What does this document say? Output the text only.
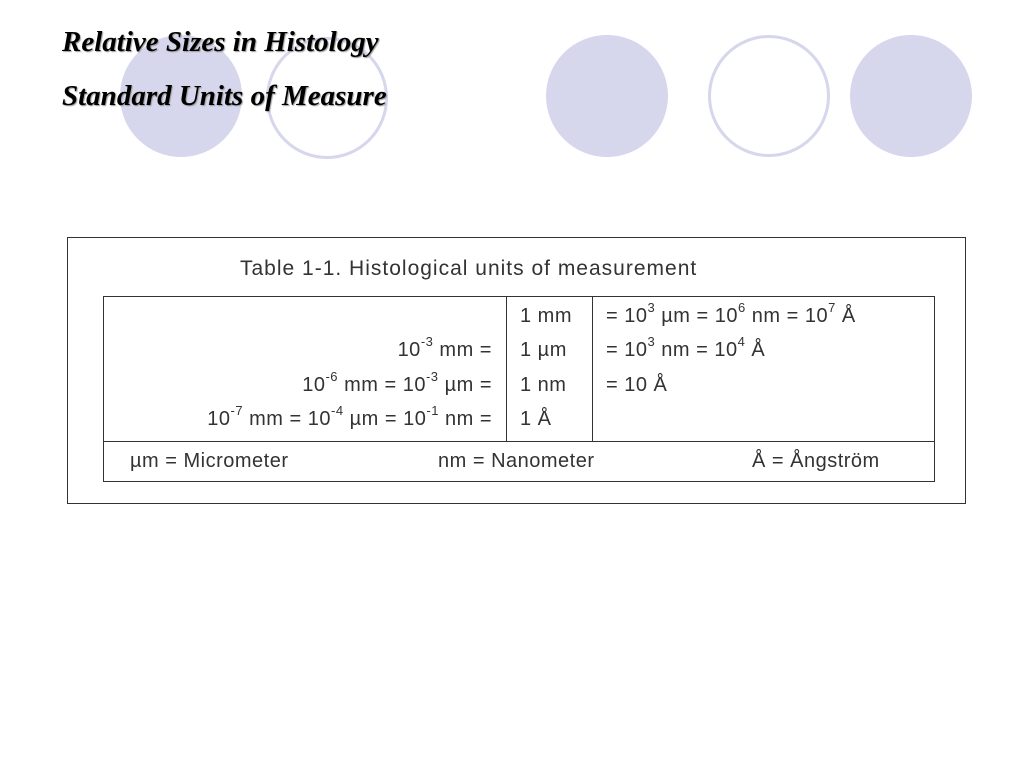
Relative Sizes in Histology
Standard Units of Measure
Table 1-1. Histological units of measurement
1 mm = $10^3$ $\mu m = 10^6$ nm = $10^7$ Å
$10^{-3}$ mm = 1 $\mu m = 10^3$ nm = $10^4$ Å
$10^{-6}$ mm = $10^{-3}$ µm = 1 nm = 10 Å
$10^{-7}$ mm = $10^{-4}$ $\mu m = 10^{-1}$ nm = 1 Å
µm = Micrometer	nm = Nanometer	Å = Ångström
